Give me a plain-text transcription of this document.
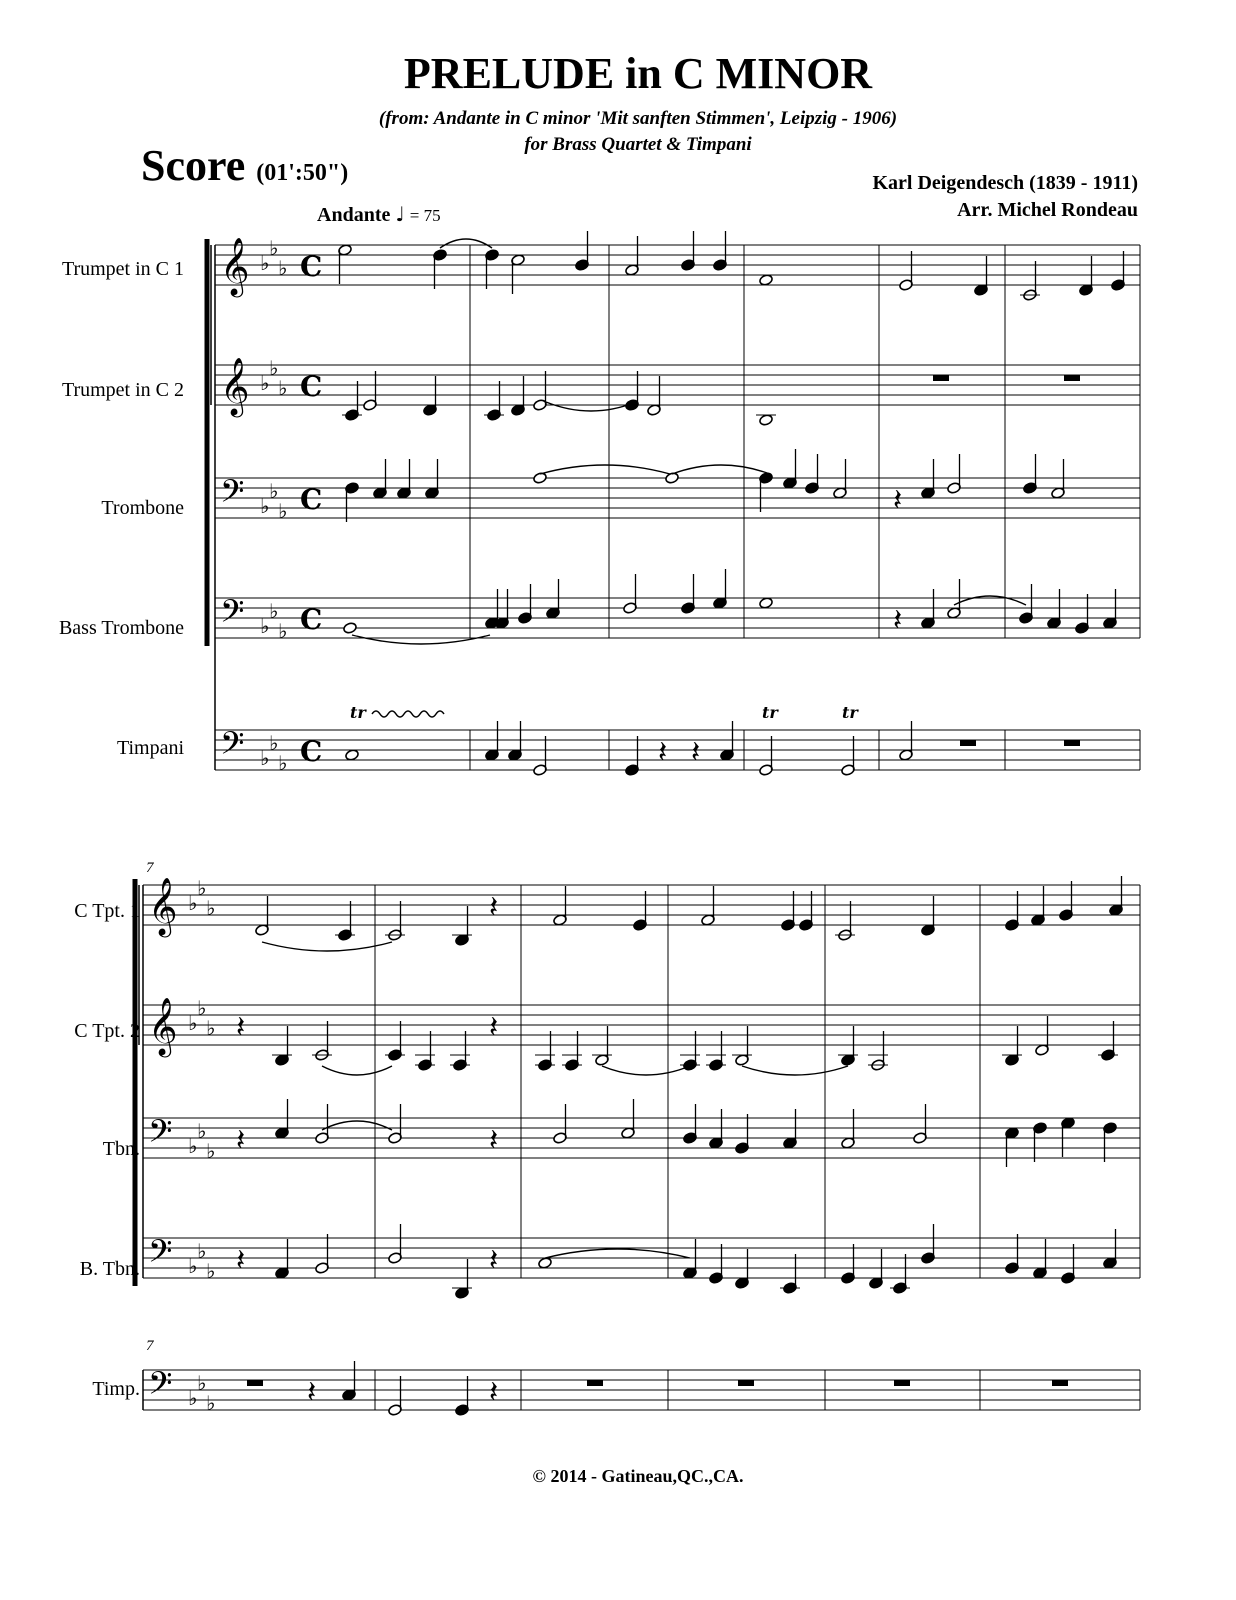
PRELUDE in C MINOR
(from: Andante in C minor 'Mit sanften Stimmen', Leipzig - 1906)
for Brass Quartet & Timpani
Score (01':50")	Karl Deigendesch (1839 - 1911)
Arr. Michel Rondeau
Andante ♩ = 75
Trumpet in C 1
Trumpet in C 2
Trombone
Bass Trombone
Timpani
C Tpt. 1
C Tpt. 2
Tbn.
B. Tbn.
Timp.
7
7
𝄞 ♭
♭
♭ C
𝄞 ♭
♭
♭ C
𝄢 ♭
♭
♭ C
𝄢 ♭
♭
♭ C
𝄢 ♭
♭
♭ C
𝄽
𝄽
𝄽 𝄽
tr	tr	tr
𝄞 ♭
♭
♭
𝄞 ♭
♭
♭
𝄢 ♭
♭
♭
𝄢 ♭
♭
♭
𝄢 ♭
♭
♭
𝄽
𝄽	𝄽
𝄽	𝄽
𝄽	𝄽
𝄽	𝄽
© 2014 - Gatineau,QC.,CA.
